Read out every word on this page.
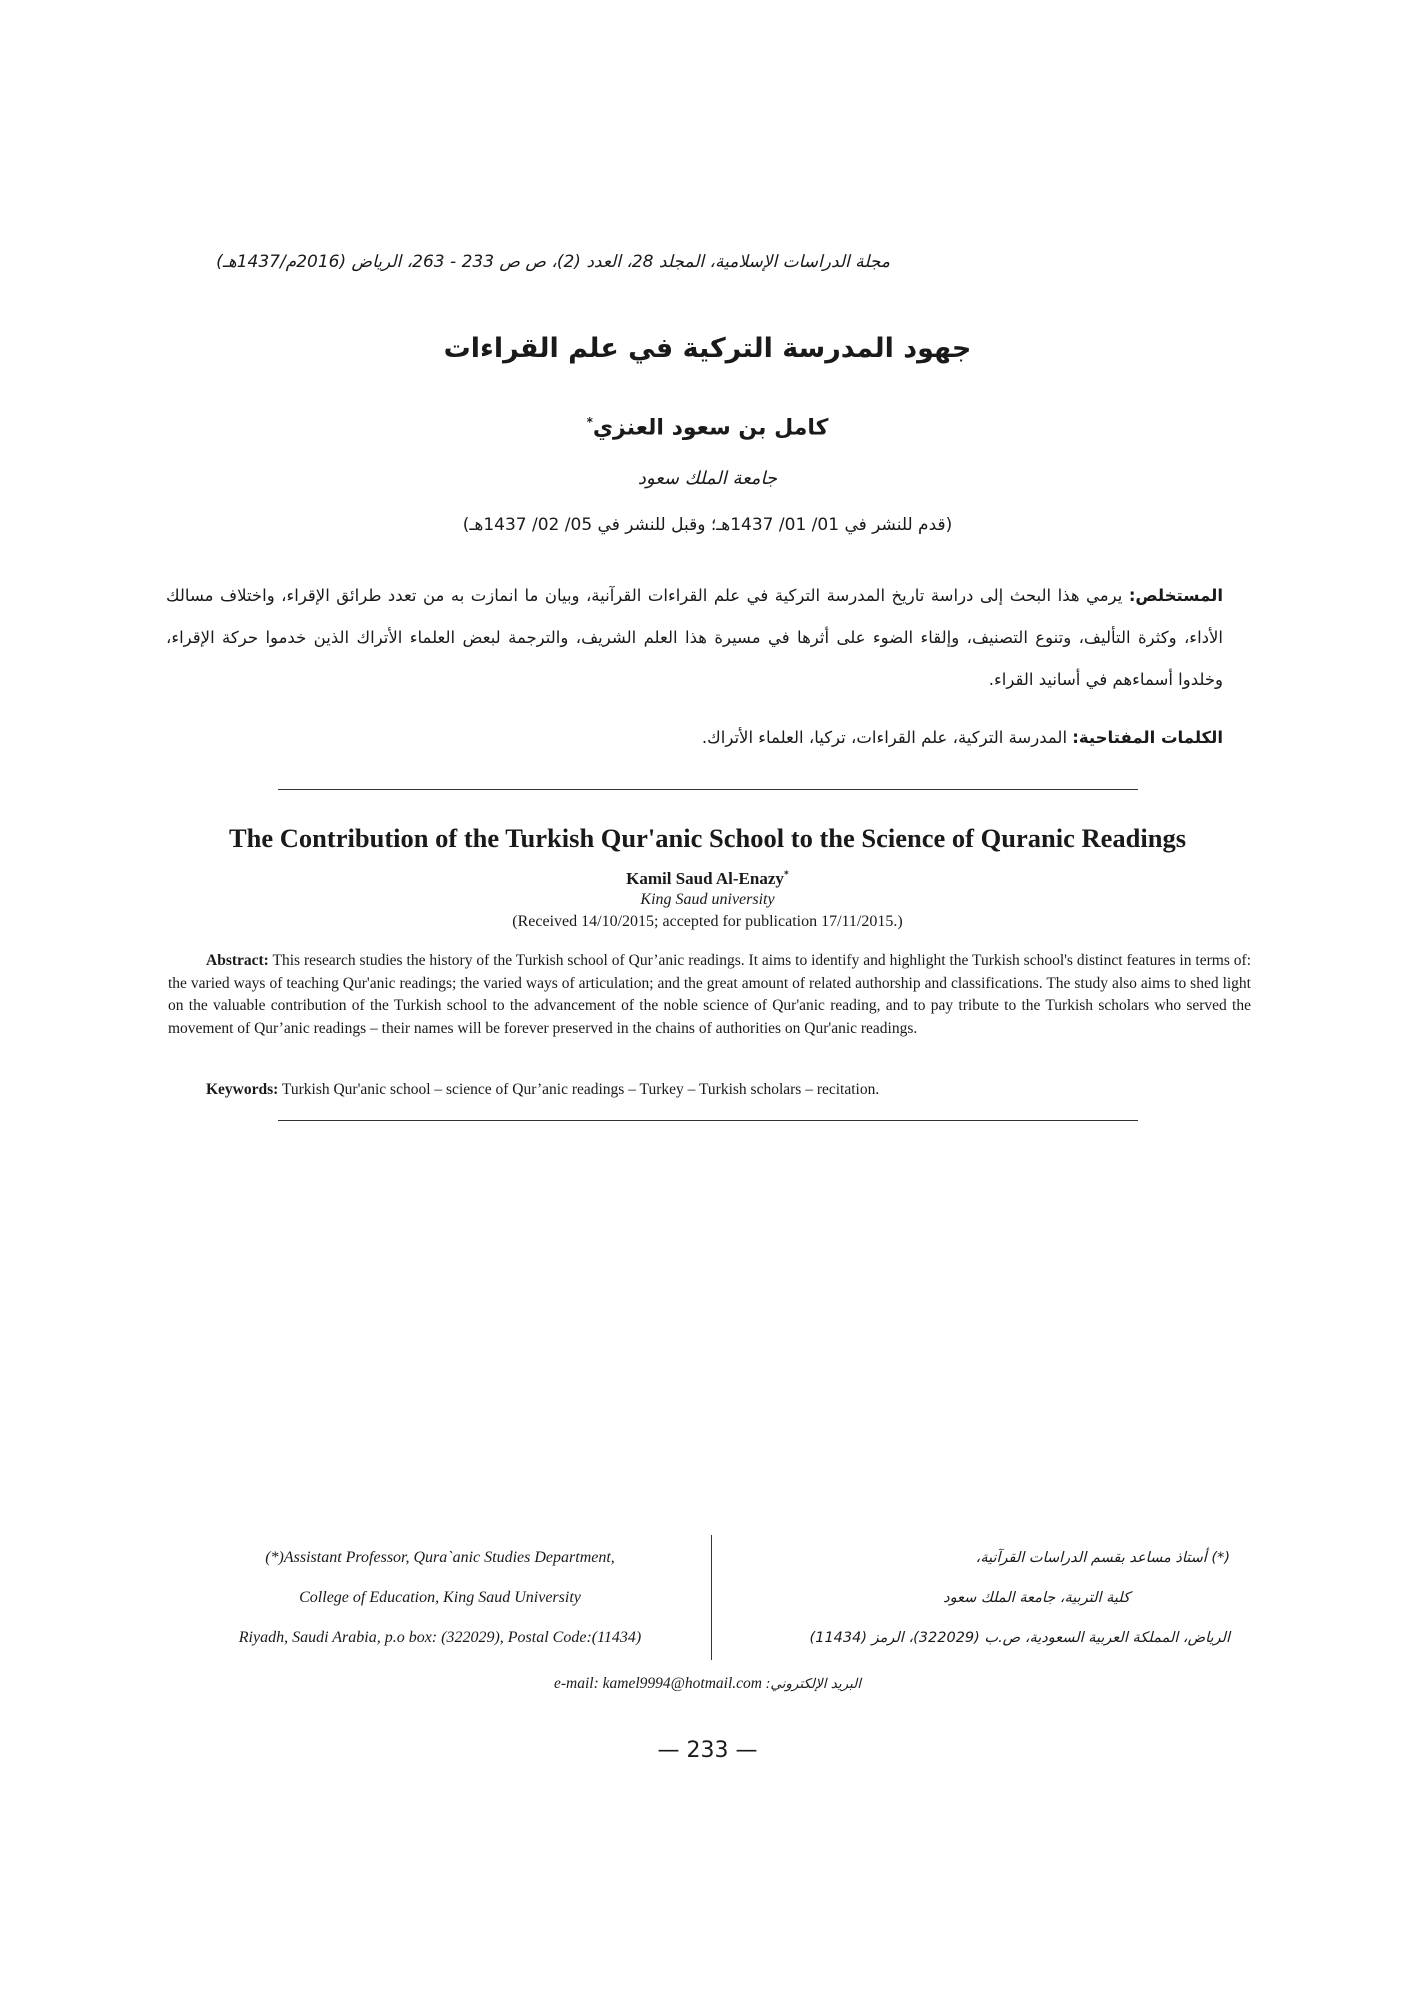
مجلة الدراسات الإسلامية، المجلد 28، العدد (2)، ص ص 233 - 263، الرياض (2016م/1437هـ)
جهود المدرسة التركية في علم القراءات
كامل بن سعود العنزي*
جامعة الملك سعود
(قدم للنشر في 01/ 01/ 1437هـ؛ وقبل للنشر في 05/ 02/ 1437هـ)
المستخلص: يرمي هذا البحث إلى دراسة تاريخ المدرسة التركية في علم القراءات القرآنية، وبيان ما انمازت به من تعدد طرائق الإقراء، واختلاف مسالك الأداء، وكثرة التأليف، وتنوع التصنيف، وإلقاء الضوء على أثرها في مسيرة هذا العلم الشريف، والترجمة لبعض العلماء الأتراك الذين خدموا حركة الإقراء، وخلدوا أسماءهم في أسانيد القراء.
الكلمات المفتاحية: المدرسة التركية، علم القراءات، تركيا، العلماء الأتراك.
The Contribution of the Turkish Qur'anic School to the Science of Quranic Readings
Kamil Saud Al-Enazy*
King Saud university
(Received 14/10/2015; accepted for publication 17/11/2015.)
Abstract: This research studies the history of the Turkish school of Qur’anic readings. It aims to identify and highlight the Turkish school's distinct features in terms of: the varied ways of teaching Qur'anic readings; the varied ways of articulation; and the great amount of related authorship and classifications. The study also aims to shed light on the valuable contribution of the Turkish school to the advancement of the noble science of Qur'anic reading, and to pay tribute to the Turkish scholars who served the movement of Qur’anic readings – their names will be forever preserved in the chains of authorities on Qur'anic readings.
Keywords: Turkish Qur'anic school – science of Qur’anic readings – Turkey – Turkish scholars – recitation.
(*)Assistant Professor, Qura`anic Studies Department,
College of Education, King Saud University
Riyadh, Saudi Arabia, p.o box: (322029), Postal Code:(11434)
(*) أستاذ مساعد بقسم الدراسات القرآنية،
كلية التربية، جامعة الملك سعود
الرياض، المملكة العربية السعودية، ص.ب (322029)، الرمز (11434)
e-mail: kamel9994@hotmail.com البريد الإلكتروني:
— 233 —
